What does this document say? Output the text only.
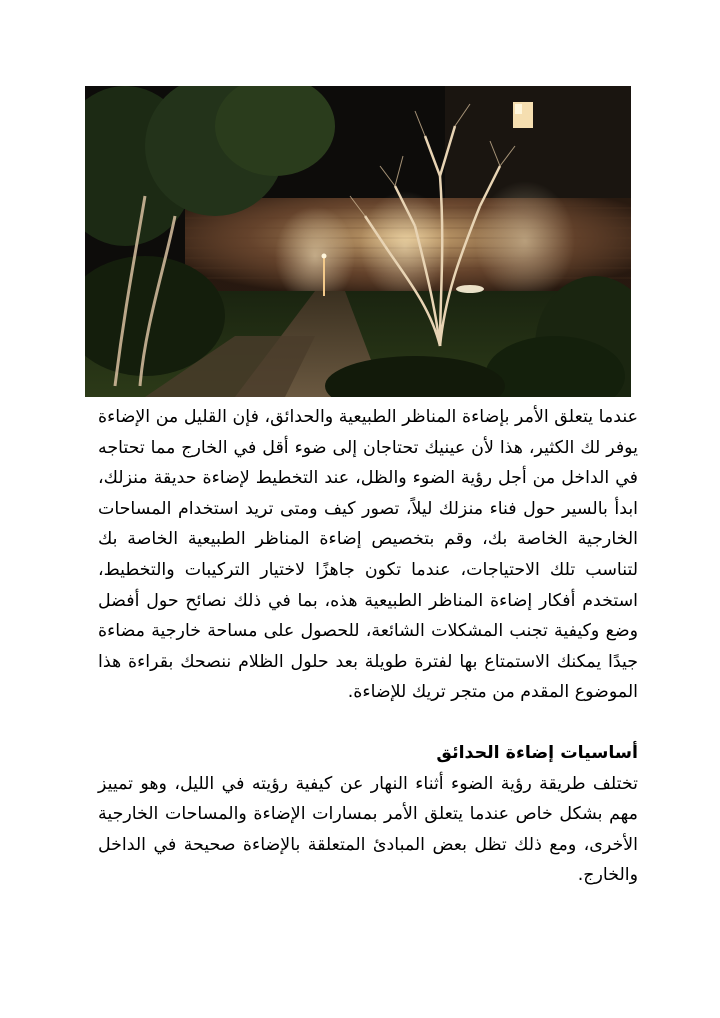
عندما يتعلق الأمر بإضاءة المناظر الطبيعية والحدائق، فإن القليل من الإضاءة يوفر لك الكثير، هذا لأن عينيك تحتاجان إلى ضوء أقل في الخارج مما تحتاجه في الداخل من أجل رؤية الضوء والظل، عند التخطيط لإضاءة حديقة منزلك، ابدأ بالسير حول فناء منزلك ليلاً، تصور كيف ومتى تريد استخدام المساحات الخارجية الخاصة بك، وقم بتخصيص إضاءة المناظر الطبيعية الخاصة بك لتناسب تلك الاحتياجات، عندما تكون جاهزًا لاختيار التركيبات والتخطيط، استخدم أفكار إضاءة المناظر الطبيعية هذه، بما في ذلك نصائح حول أفضل وضع وكيفية تجنب المشكلات الشائعة، للحصول على مساحة خارجية مضاءة جيدًا يمكنك الاستمتاع بها لفترة طويلة بعد حلول الظلام ننصحك بقراءة هذا الموضوع المقدم من متجر تريك للإضاءة.

أساسيات إضاءة الحدائق

تختلف طريقة رؤية الضوء أثناء النهار عن كيفية رؤيته في الليل، وهو تمييز مهم بشكل خاص عندما يتعلق الأمر بمسارات الإضاءة والمساحات الخارجية الأخرى، ومع ذلك تظل بعض المبادئ المتعلقة بالإضاءة صحيحة في الداخل والخارج.
